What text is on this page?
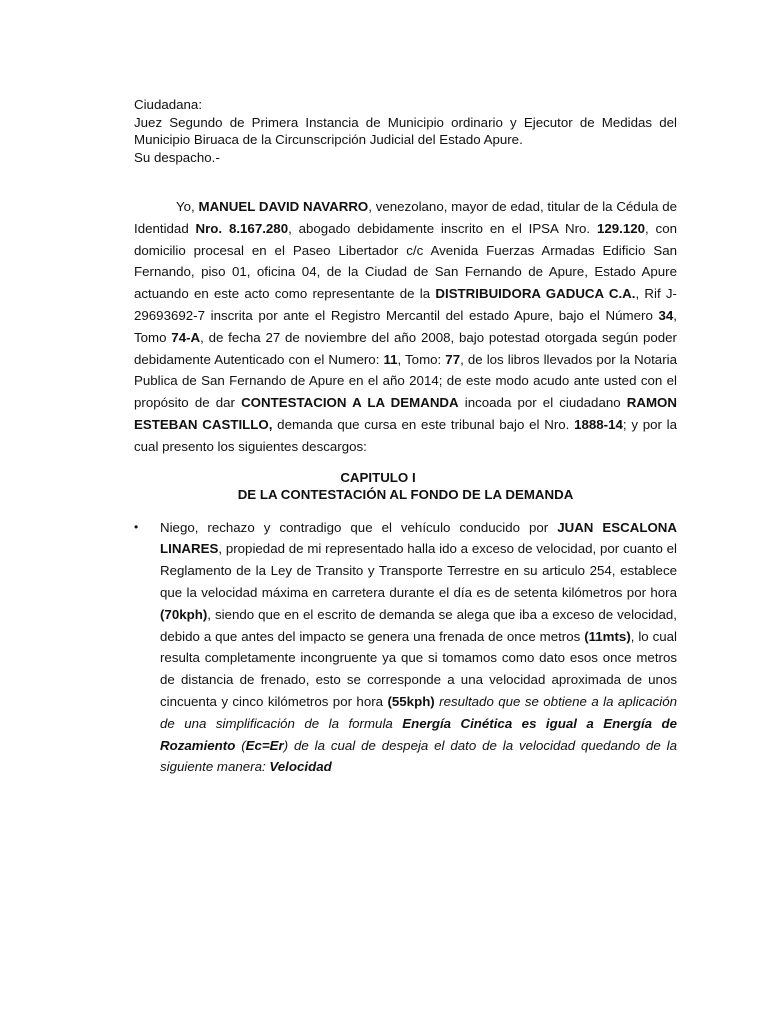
Ciudadana:

Juez Segundo de Primera Instancia de Municipio ordinario y Ejecutor de Medidas del Municipio Biruaca de la Circunscripción Judicial del Estado Apure.

Su despacho.-

Yo, MANUEL DAVID NAVARRO, venezolano, mayor de edad, titular de la Cédula de Identidad Nro. 8.167.280, abogado debidamente inscrito en el IPSA Nro. 129.120, con domicilio procesal en el Paseo Libertador c/c Avenida Fuerzas Armadas Edificio San Fernando, piso 01, oficina 04, de la Ciudad de San Fernando de Apure, Estado Apure actuando en este acto como representante de la DISTRIBUIDORA GADUCA C.A., Rif J-29693692-7 inscrita por ante el Registro Mercantil del estado Apure, bajo el Número 34, Tomo 74-A, de fecha 27 de noviembre del año 2008, bajo potestad otorgada según poder debidamente Autenticado con el Numero: 11, Tomo: 77, de los libros llevados por la Notaria Publica de San Fernando de Apure en el año 2014; de este modo acudo ante usted con el propósito de dar CONTESTACION A LA DEMANDA incoada por el ciudadano RAMON ESTEBAN CASTILLO, demanda que cursa en este tribunal bajo el Nro. 1888-14; y por la cual presento los siguientes descargos:

CAPITULO I
DE LA CONTESTACIÓN AL FONDO DE LA DEMANDA
• Niego, rechazo y contradigo que el vehículo conducido por JUAN ESCALONA LINARES, propiedad de mi representado halla ido a exceso de velocidad, por cuanto el Reglamento de la Ley de Transito y Transporte Terrestre en su articulo 254, establece que la velocidad máxima en carretera durante el día es de setenta kilómetros por hora (70kph), siendo que en el escrito de demanda se alega que iba a exceso de velocidad, debido a que antes del impacto se genera una frenada de once metros (11mts), lo cual resulta completamente incongruente ya que si tomamos como dato esos once metros de distancia de frenado, esto se corresponde a una velocidad aproximada de unos cincuenta y cinco kilómetros por hora (55kph) resultado que se obtiene a la aplicación de una simplificación de la formula Energía Cinética es igual a Energía de Rozamiento (Ec=Er) de la cual de despeja el dato de la velocidad quedando de la siguiente manera: Velocidad
